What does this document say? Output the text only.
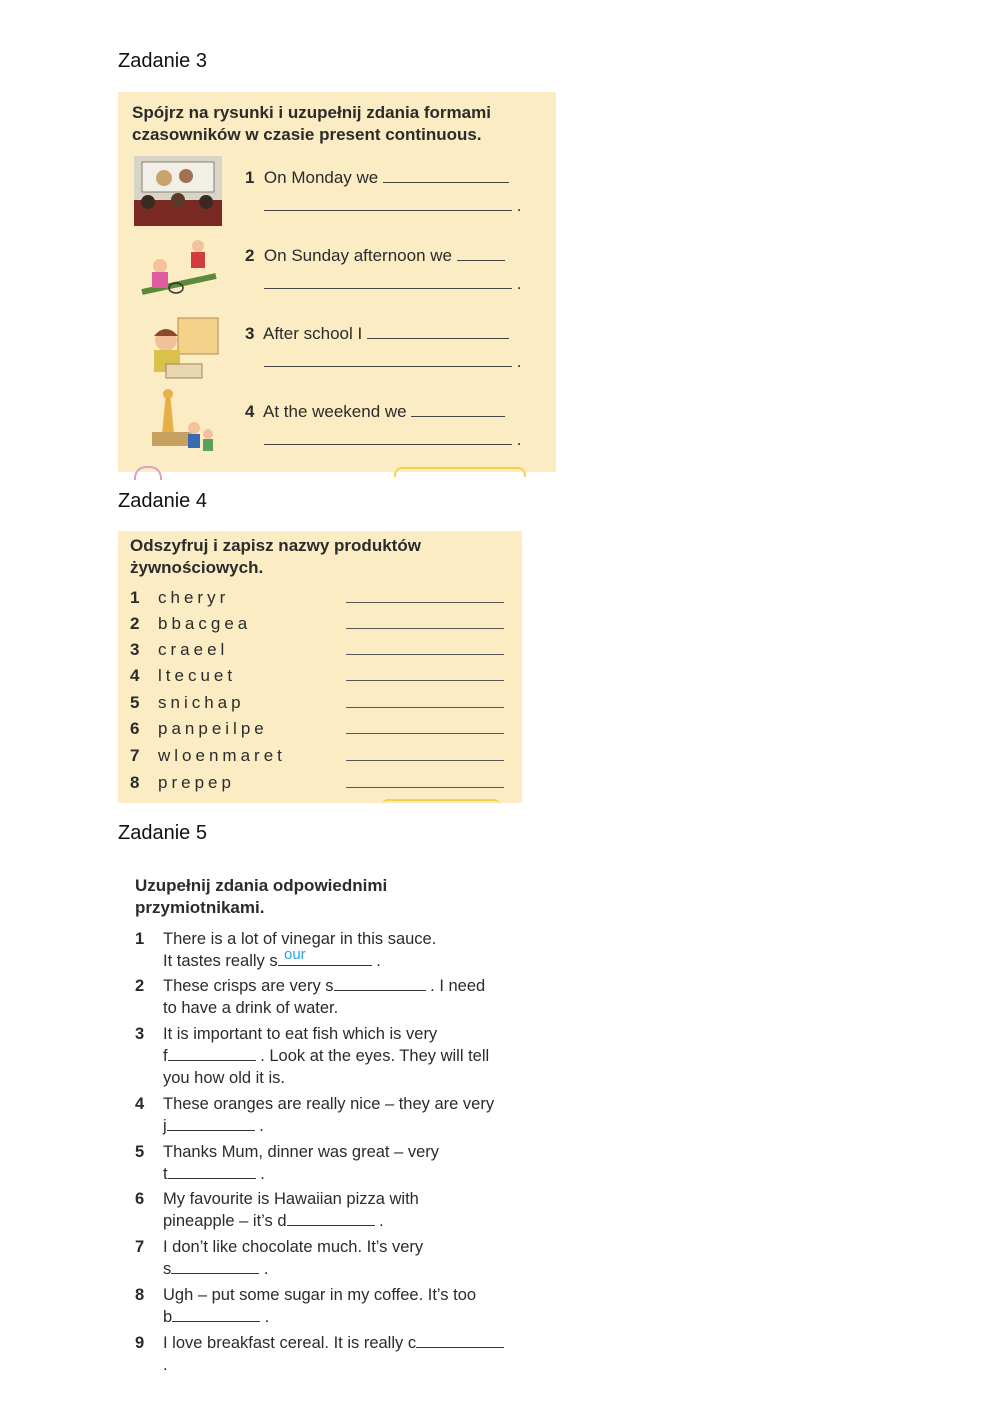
Zadanie 3
Spójrz na rysunki i uzupełnij zdania formami
czasowników w czasie present continuous.
1 On Monday we
.
2 On Sunday afternoon we
.
3 After school I
.
4 At the weekend we
.
Zadanie 4
Odszyfruj i zapisz nazwy produktów
żywnościowych.
1 cheryr
2 bbacgea
3 craeel
4 ltecuet
5 snichap
6 panpeilpe
7 wloenmaret
8 prepep
Zadanie 5
Uzupełnij zdania odpowiednimi
przymiotnikami.
1 There is a lot of vinegar in this sauce.
It tastes really s	.
our
2 These crisps are very s	. I need
to have a drink of water.
3 It is important to eat fish which is very
f	. Look at the eyes. They will tell
you how old it is.
4 These oranges are really nice – they are very
j	.
5 Thanks Mum, dinner was great – very
t	.
6 My favourite is Hawaiian pizza with
pineapple – it’s d	.
7 I don’t like chocolate much. It’s very
s	.
8 Ugh – put some sugar in my coffee. It’s too
b	.
9 I love breakfast cereal. It is really c
.
